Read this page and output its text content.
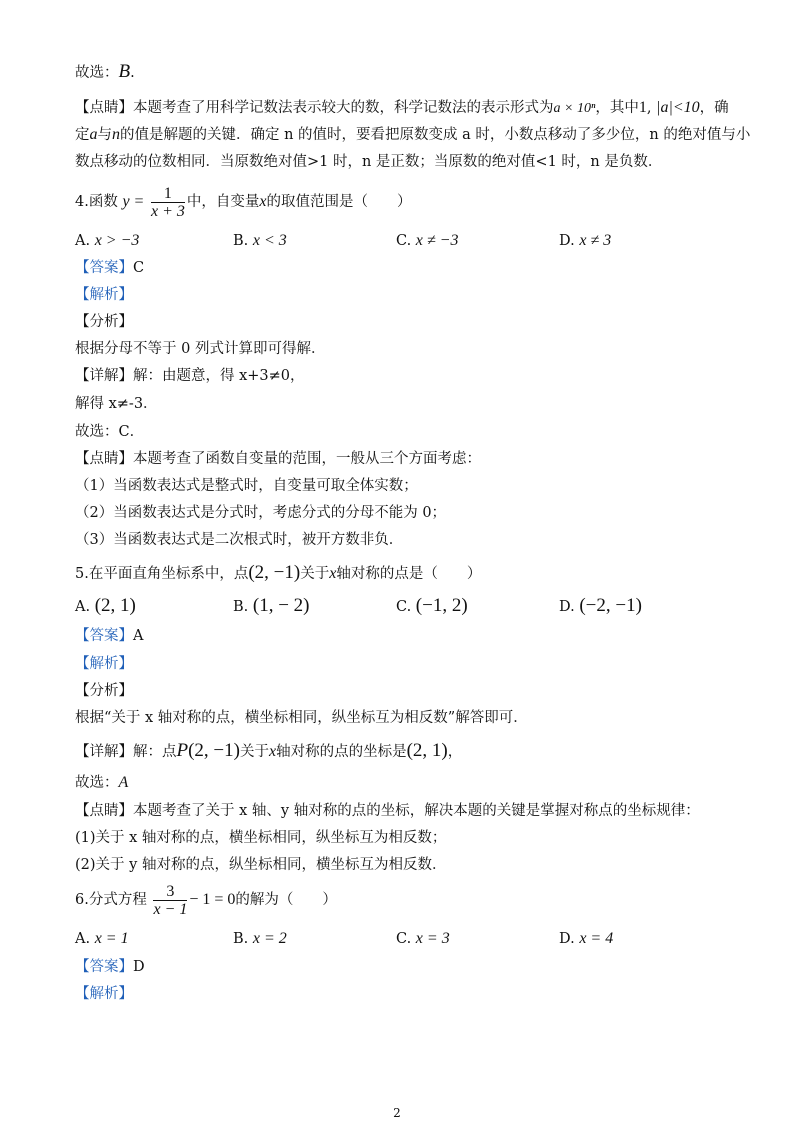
故选：B.
【点睛】本题考查了用科学记数法表示较大的数，科学记数法的表示形式为a × 10ⁿ，其中1, |a|<10，确
定a与n的值是解题的关键．确定 n 的值时，要看把原数变成 a 时，小数点移动了多少位，n 的绝对值与小
数点移动的位数相同．当原数绝对值>1 时，n 是正数；当原数的绝对值<1 时，n 是负数．
4.函数 $y = \frac{1}{x + 3}$ 中，自变量x的取值范围是（　　）
A. x > −3	B. x < 3	C. x ≠ −3	D. x ≠ 3
【答案】C
【解析】
【分析】
根据分母不等于 0 列式计算即可得解．
【详解】解：由题意，得 x+3≠0，
解得 x≠-3．
故选：C．
【点睛】本题考查了函数自变量的范围，一般从三个方面考虑：
（1）当函数表达式是整式时，自变量可取全体实数；
（2）当函数表达式是分式时，考虑分式的分母不能为 0；
（3）当函数表达式是二次根式时，被开方数非负．
5.在平面直角坐标系中，点(2, −1)关于x轴对称的点是（　　）
A. (2, 1)	B. (1, − 2)	C. (−1, 2)	D. (−2, −1)
【答案】A
【解析】
【分析】
根据“关于 x 轴对称的点，横坐标相同，纵坐标互为相反数”解答即可．
【详解】解：点P(2, −1)关于x轴对称的点的坐标是(2, 1)，
故选：A
【点睛】本题考查了关于 x 轴、y 轴对称的点的坐标，解决本题的关键是掌握对称点的坐标规律：
(1)关于 x 轴对称的点，横坐标相同，纵坐标互为相反数；
(2)关于 y 轴对称的点，纵坐标相同，横坐标互为相反数．
6.分式方程 $\frac{3}{x - 1} - 1 = 0$的解为（　　）
A. x = 1	B. x = 2	C. x = 3	D. x = 4
【答案】D
【解析】
2
